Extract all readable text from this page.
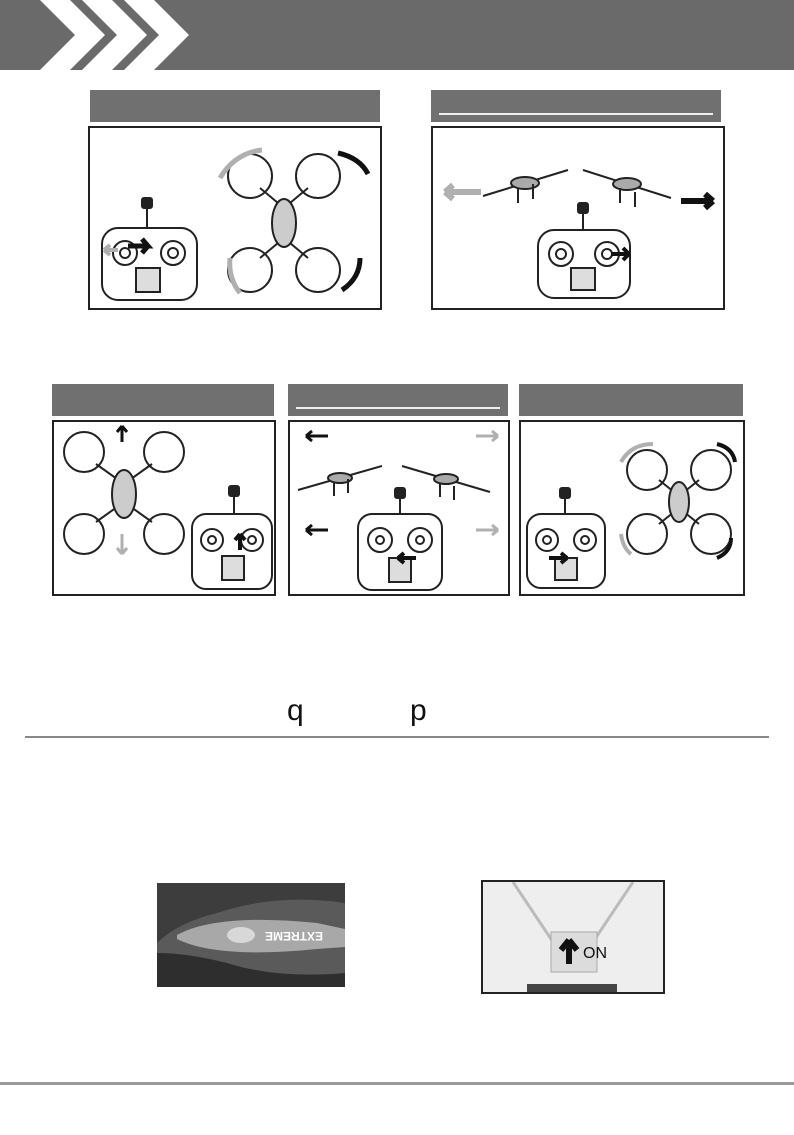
q	p
EXTREME
ON
